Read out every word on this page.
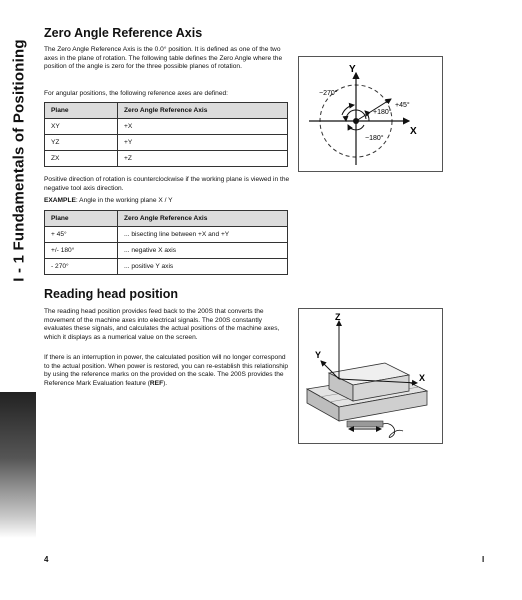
I - 1 Fundamentals of Positioning
Zero Angle Reference Axis

The Zero Angle Reference Axis is the 0.0° position. It is defined as one of the two axes in the plane of rotation. The following table defines the Zero Angle where the position of the angle is zero for the three possible planes of rotation.

For angular positions, the following reference axes are defined:

Plane	Zero Angle Reference Axis
XY	+X
YZ	+Y
ZX	+Z

Positive direction of rotation is counterclockwise if the working plane is viewed in the negative tool axis direction.

EXAMPLE: Angle in the working plane X / Y

Plane	Zero Angle Reference Axis
+ 45°	... bisecting line between +X and +Y
+/- 180°	... negative X axis
- 270°	... positive Y axis
Reading head position

The reading head position provides feed back to the 200S that converts the movement of the machine axes into electrical signals. The 200S constantly evaluates these signals, and calculates the actual positions of the machine axes, which it displays as a numerical value on the screen.

If there is an interruption in power, the calculated position will no longer correspond to the actual position. When power is restored, you can re-establish this relationship by using the reference marks on the provided on the scale. The 200S provides the Reference Mark Evaluation feature (REF).

Y
X
−270°
+45°
+180°
−180°
Z
Y
X
4	I
